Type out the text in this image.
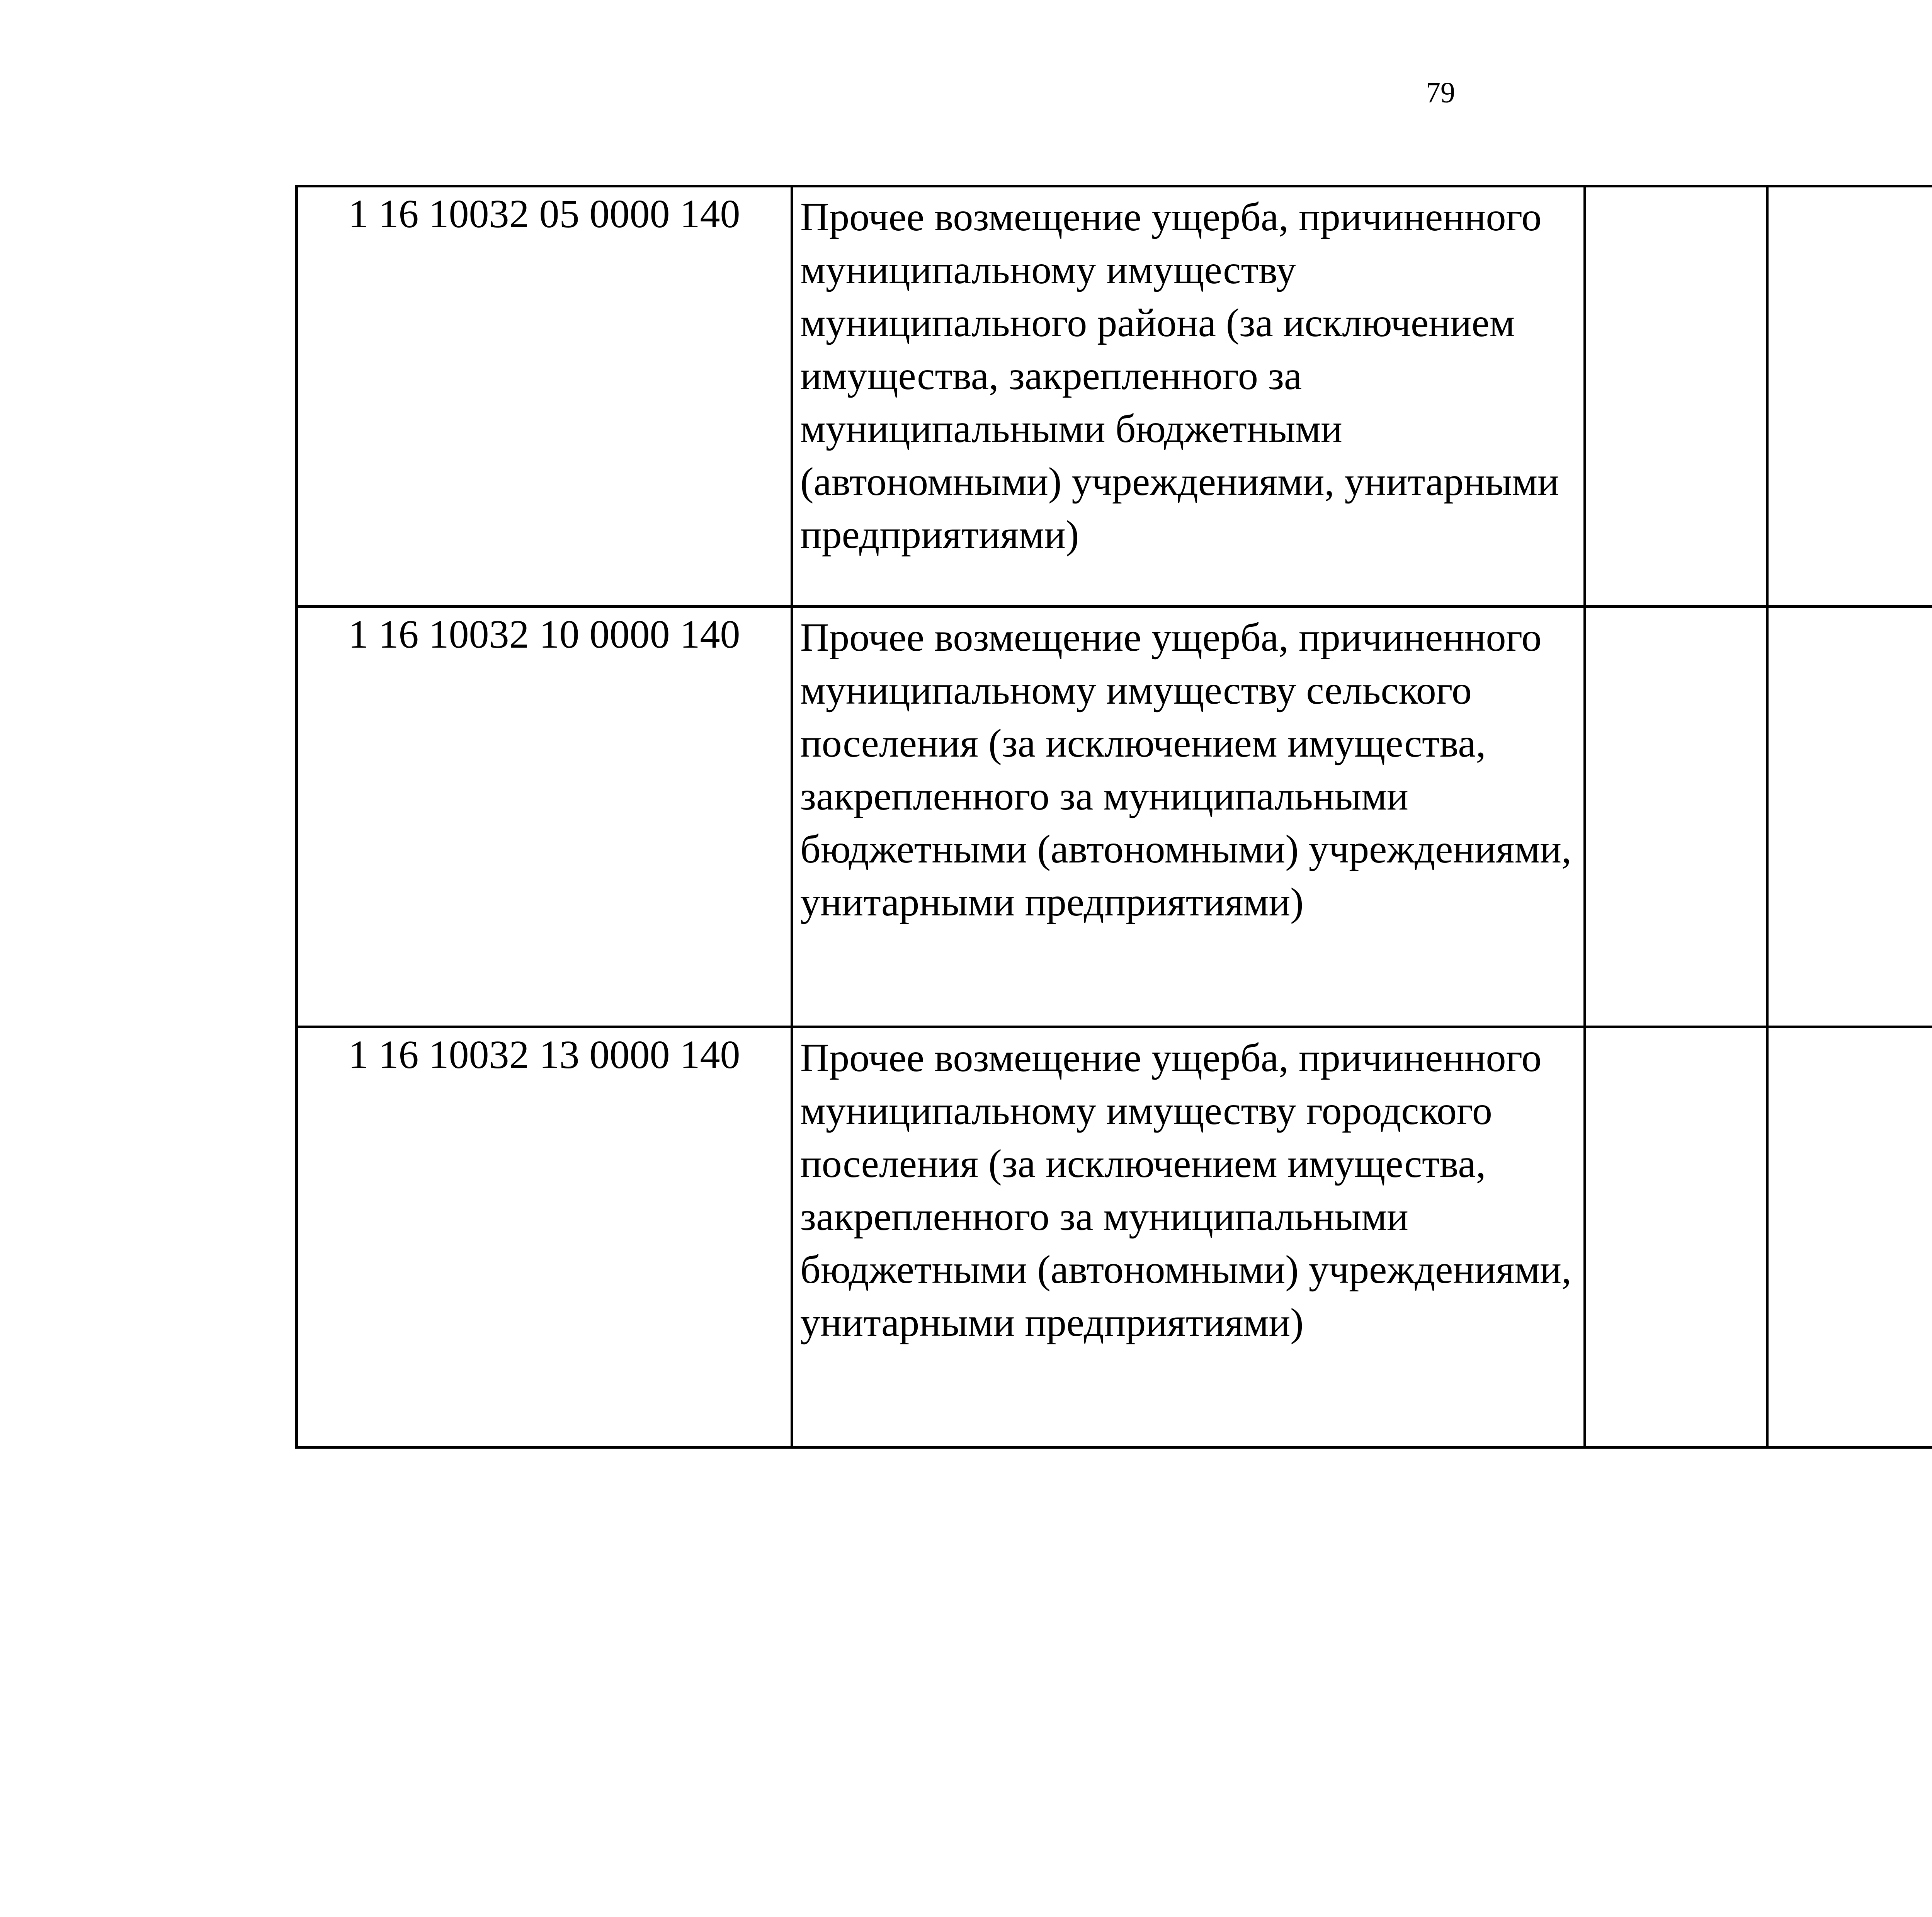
79
1 16 10032 05 0000 140	Прочее возмещение ущерба, причиненного муниципальному имуществу муниципального района (за исключением имущества, закрепленного за муниципальными бюджетными (автономными) учреждениями, унитарными предприятиями)					
1 16 10032 10 0000 140	Прочее возмещение ущерба, причиненного муниципальному имуществу сельского поселения (за исключением имущества, закрепленного за муниципальными бюджетными (автономными) учреждениями, унитарными предприятиями)					
1 16 10032 13 0000 140	Прочее возмещение ущерба, причиненного муниципальному имуществу городского поселения (за исключением имущества, закрепленного за муниципальными бюджетными (автономными) учреждениями, унитарными предприятиями)					
